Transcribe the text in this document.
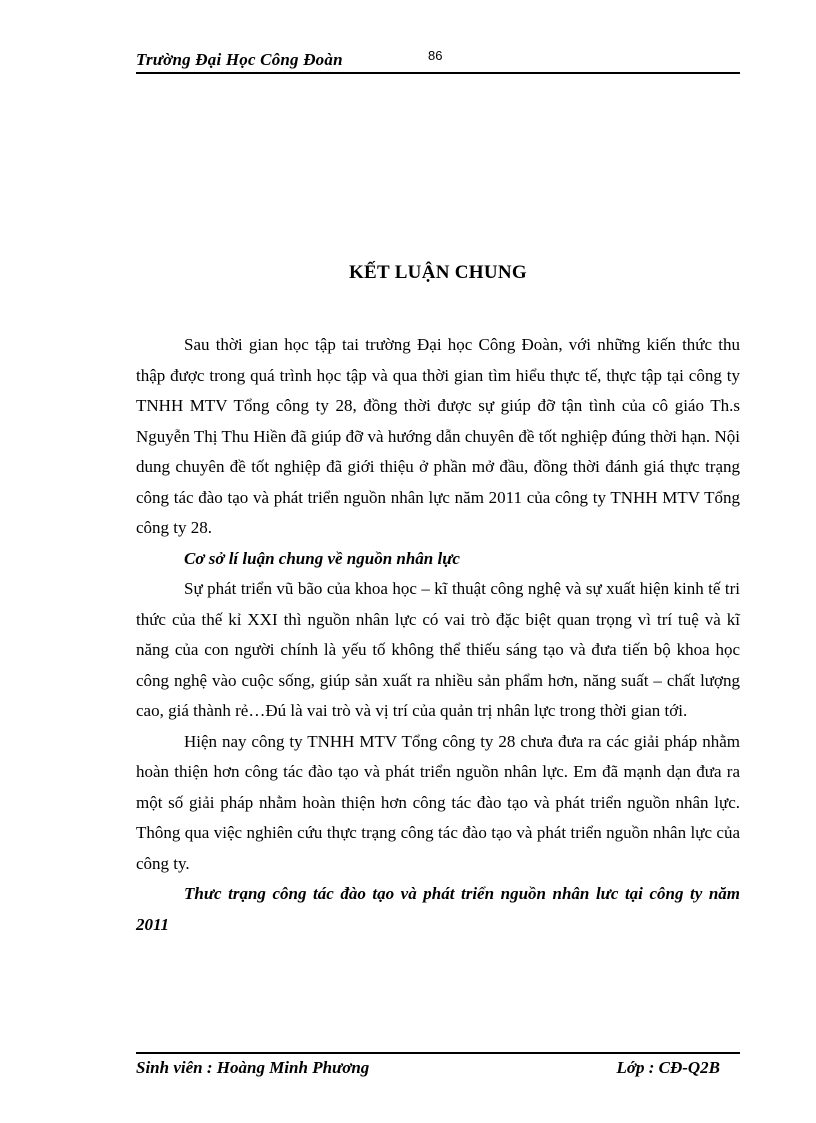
Trường Đại Học Công Đoàn	86
KẾT LUẬN CHUNG

Sau thời gian học tập tai trường Đại học Công Đoàn, với những kiến thức thu thập được trong quá trình học tập và qua thời gian tìm hiểu thực tế, thực tập tại công ty TNHH MTV Tổng công ty 28, đồng thời được sự giúp đỡ tận tình của cô giáo Th.s Nguyễn Thị Thu Hiền đã giúp đỡ và hướng dẫn chuyên đề tốt nghiệp đúng thời hạn. Nội dung chuyên đề tốt nghiệp đã giới thiệu ở phần mở đầu, đồng thời đánh giá thực trạng công tác đào tạo và phát triển nguồn nhân lực năm 2011 của công ty TNHH MTV Tổng công ty 28.

Cơ sở lí luận chung về nguồn nhân lực

Sự phát triển vũ bão của khoa học – kĩ thuật công nghệ và sự xuất hiện kinh tế tri thức của thế kỉ XXI thì nguồn nhân lực có vai trò đặc biệt quan trọng vì trí tuệ và kĩ năng của con người chính là yếu tố không thể thiếu sáng tạo và đưa tiến bộ khoa học công nghệ vào cuộc sống, giúp sản xuất ra nhiều sản phẩm hơn, năng suất – chất lượng cao, giá thành rẻ…Đú là vai trò và vị trí của quản trị nhân lực trong thời gian tới.

Hiện nay công ty TNHH MTV Tổng công ty 28 chưa đưa ra các giải pháp nhằm hoàn thiện hơn công tác đào tạo và phát triển nguồn nhân lực. Em đã mạnh dạn đưa ra một số giải pháp nhằm hoàn thiện hơn công tác đào tạo và phát triển nguồn nhân lực. Thông qua việc nghiên cứu thực trạng công tác đào tạo và phát triển nguồn nhân lực của công ty.

Thưc trạng công tác đào tạo và phát triển nguồn nhân lưc tại công ty năm 2011

Sinh viên : Hoàng Minh Phương	Lớp : CĐ-Q2B
